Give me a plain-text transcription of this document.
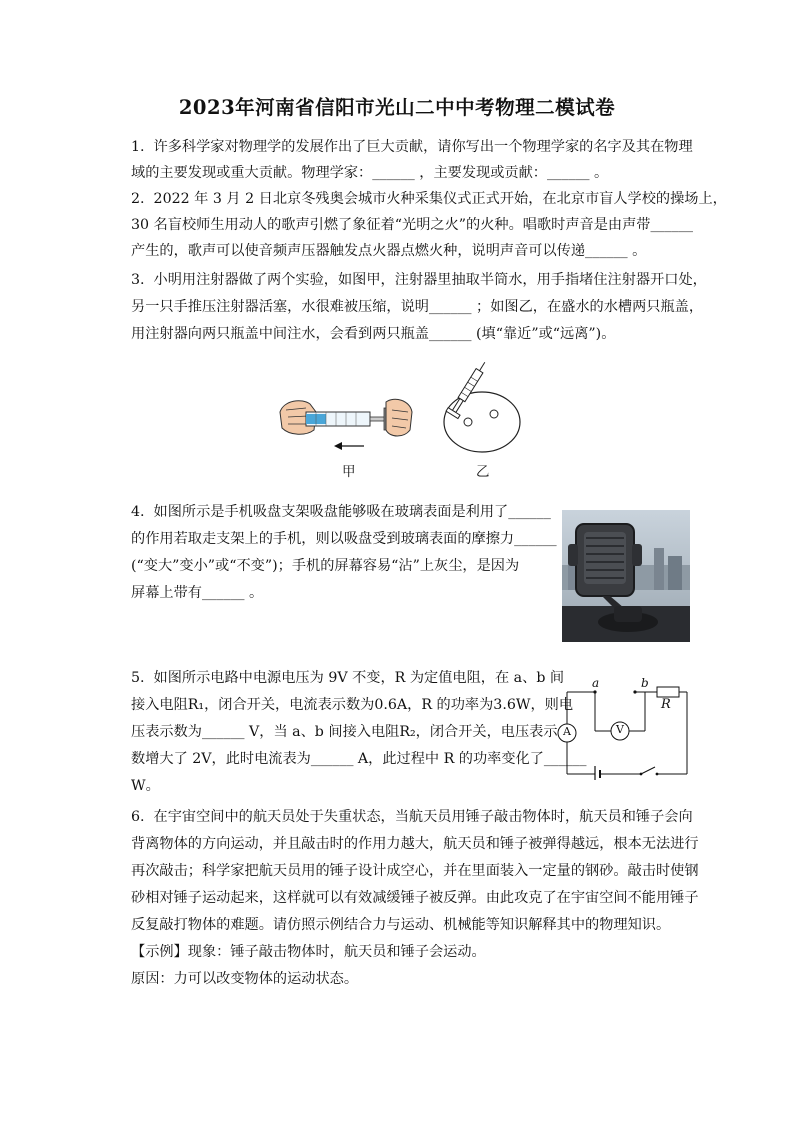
2023年河南省信阳市光山二中中考物理二模试卷
1.  许多科学家对物理学的发展作出了巨大贡献，请你写出一个物理学家的名字及其在物理
域的主要发现或重大贡献。物理学家：______ ，主要发现或贡献：______ 。
2.  2022 年 3 月 2 日北京冬残奥会城市火种采集仪式正式开始，在北京市盲人学校的操场上，
30 名盲校师生用动人的歌声引燃了象征着“光明之火”的火种。唱歌时声音是由声带______
产生的，歌声可以使音频声压器触发点火器点燃火种，说明声音可以传递______ 。
3.  小明用注射器做了两个实验，如图甲，注射器里抽取半筒水，用手指堵住注射器开口处，
另一只手推压注射器活塞，水很难被压缩，说明______ ；如图乙，在盛水的水槽两只瓶盖，
用注射器向两只瓶盖中间注水，会看到两只瓶盖______ (填“靠近”或“远离”)。
甲	乙
4.  如图所示是手机吸盘支架吸盘能够吸在玻璃表面是利用了______
的作用若取走支架上的手机，则以吸盘受到玻璃表面的摩擦力______
(“变大”变小”或“不变”)；手机的屏幕容易“沾”上灰尘，是因为
屏幕上带有______ 。
5.  如图所示电路中电源电压为 9V 不变，R 为定值电阻，在 a、b 间
接入电阻R₁，闭合开关，电流表示数为0.6A，R 的功率为3.6W，则电
压表示数为______ V，当 a、b 间接入电阻R₂，闭合开关，电压表示
数增大了 2V，此时电流表为______ A，此过程中 R 的功率变化了______
W。
a	b
R
A	V
6.  在宇宙空间中的航天员处于失重状态，当航天员用锤子敲击物体时，航天员和锤子会向
背离物体的方向运动，并且敲击时的作用力越大，航天员和锤子被弹得越远，根本无法进行
再次敲击；科学家把航天员用的锤子设计成空心，并在里面装入一定量的钢砂。敲击时使钢
砂相对锤子运动起来，这样就可以有效减缓锤子被反弹。由此攻克了在宇宙空间不能用锤子
反复敲打物体的难题。请仿照示例结合力与运动、机械能等知识解释其中的物理知识。
【示例】现象：锤子敲击物体时，航天员和锤子会运动。
原因：力可以改变物体的运动状态。
